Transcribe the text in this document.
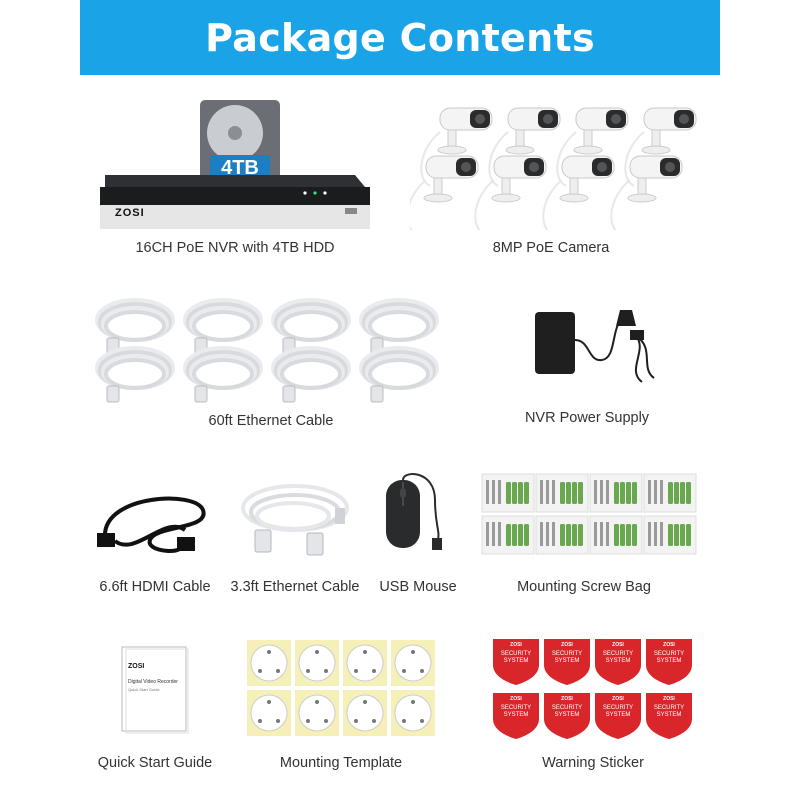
Package Contents
4TB
ZOSI
16CH PoE NVR with 4TB HDD	8MP PoE Camera
60ft Ethernet Cable	NVR Power Supply
6.6ft HDMI Cable 3.3ft Ethernet Cable USB Mouse	Mounting Screw Bag
ZOSI
Digital Video Recorder
Quick Start Guide
Quick Start Guide	Mounting Template
ZOSI
SECURITY
SYSTEM
ZOSI
SECURITY
SYSTEM
ZOSI
SECURITY
SYSTEM
ZOSI
SECURITY
SYSTEM
ZOSI
SECURITY
SYSTEM
ZOSI
SECURITY
SYSTEM
ZOSI
SECURITY
SYSTEM
ZOSI
SECURITY
SYSTEM
Warning Sticker
